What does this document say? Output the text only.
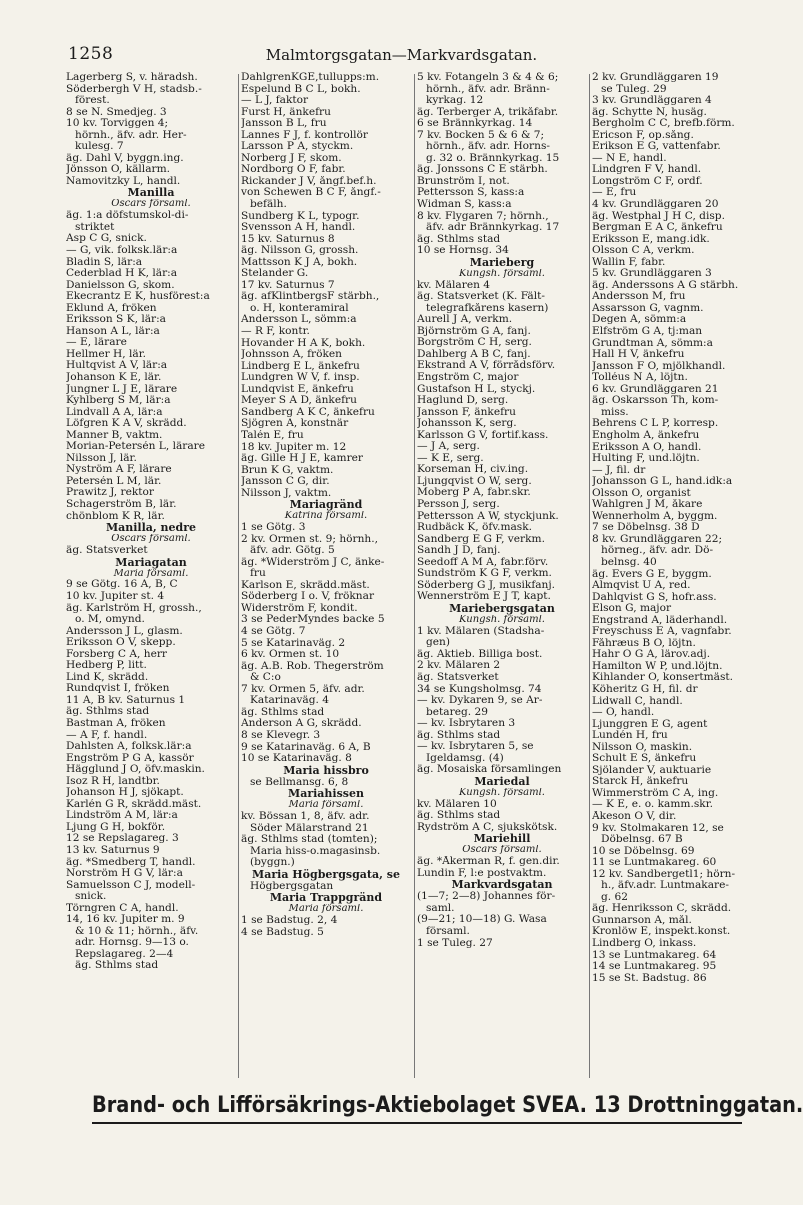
1258	Malmtorgsgatan—Markvardsgatan.
Lagerberg S, v. häradsh.
Söderbergh V H, stadsb.-
förest.
8 se N. Smedjeg. 3
10 kv. Torviggen 4;
hörnh., äfv. adr. Her-
kulesg. 7
äg. Dahl V, byggn.ing.
Jönsson O, källarm.
Namovitzky L, handl.
Manilla
Oscars församl.
äg. 1:a döfstumskol-di-
striktet
Asp C G, snick.
— G, vik. folksk.lär:a
Bladin S, lär:a
Cederblad H K, lär:a
Danielsson G, skom.
Ekecrantz E K, husförest:a
Eklund A, fröken
Eriksson S K, lär:a
Hanson A L, lär:a
— E, lärare
Hellmer H, lär.
Hultqvist A V, lär:a
Johanson K E, lär.
Jungner L J E, lärare
Kyhlberg S M, lär:a
Lindvall A A, lär:a
Löfgren K A V, skrädd.
Manner B, vaktm.
Morian-Petersén L, lärare
Nilsson J, lär.
Nyström A F, lärare
Petersén L M, lär.
Prawitz J, rektor
Schagerström B, lär.
chönblom K R, lär.
Manilla, nedre
Oscars församl.
äg. Statsverket
Mariagatan
Maria församl.
9 se Götg. 16 A, B, C
10 kv. Jupiter st. 4
äg. Karlström H, grossh.,
o. M, omynd.
Andersson J L, glasm.
Eriksson O V, skepp.
Forsberg C A, herr
Hedberg P, litt.
Lind K, skrädd.
Rundqvist I, fröken
11 A, B kv. Saturnus 1
äg. Sthlms stad
Bastman A, fröken
— A F, f. handl.
Dahlsten A, folksk.lär:a
Engström P G A, kassör
Hägglund J O, öfv.maskin.
Isoz R H, landtbr.
Johanson H J, sjökapt.
Karlén G R, skrädd.mäst.
Lindström A M, lär:a
Ljung G H, bokför.
12 se Repslagareg. 3
13 kv. Saturnus 9
äg. *Smedberg T, handl.
Norström H G V, lär:a
Samuelsson C J, modell-
snick.
Törngren C A, handl.
14, 16 kv. Jupiter m. 9
& 10 & 11; hörnh., äfv.
adr. Hornsg. 9—13 o.
Repslagareg. 2—4
äg. Sthlms stad
DahlgrenKGE,tullupps:m.
Espelund B C L, bokh.
— L J, faktor
Furst H, änkefru
Jansson B L, fru
Lannes F J, f. kontrollör
Larsson P A, styckm.
Norberg J F, skom.
Nordborg O F, fabr.
Rickander J V, ångf.bef.h.
von Schewen B C F, ångf.-
befälh.
Sundberg K L, typogr.
Svensson A H, handl.
15 kv. Saturnus 8
äg. Nilsson G, grossh.
Mattsson K J A, bokh.
Stelander G.
17 kv. Saturnus 7
äg. afKlintbergsF stärbh.,
o. H, konteramiral
Andersson L, sömm:a
— R F, kontr.
Hovander H A K, bokh.
Johnsson A, fröken
Lindberg E L, änkefru
Lundgren W V, f. insp.
Lundqvist E, änkefru
Meyer S A D, änkefru
Sandberg A K C, änkefru
Sjögren A, konstnär
Talén E, fru
18 kv. Jupiter m. 12
äg. Gille H J E, kamrer
Brun K G, vaktm.
Jansson C G, dir.
Nilsson J, vaktm.
Mariagränd
Katrina församl.
1 se Götg. 3
2 kv. Ormen st. 9; hörnh.,
äfv. adr. Götg. 5
äg. *Widerström J C, änke-
fru
Karlson E, skrädd.mäst.
Söderberg I o. V, fröknar
Widerström F, kondit.
3 se PederMyndes backe 5
4 se Götg. 7
5 se Katarinaväg. 2
6 kv. Ormen st. 10
äg. A.B. Rob. Thegerström
& C:o
7 kv. Ormen 5, äfv. adr.
Katarinaväg. 4
äg. Sthlms stad
Anderson A G, skrädd.
8 se Klevegr. 3
9 se Katarinaväg. 6 A, B
10 se Katarinaväg. 8
Maria hissbro
se Bellmansg. 6, 8
Mariahissen
Maria församl.
kv. Bössan 1, 8, äfv. adr.
Söder Mälarstrand 21
äg. Sthlms stad (tomten);
Maria hiss-o.magasinsb.
(byggn.)
Maria Högbergsgata, se
Högbergsgatan
Maria Trappgränd
Maria församl.
1 se Badstug. 2, 4
4 se Badstug. 5
5 kv. Fotangeln 3 & 4 & 6;
hörnh., äfv. adr. Bränn-
kyrkag. 12
äg. Terberger A, trikåfabr.
6 se Brännkyrkag. 14
7 kv. Bocken 5 & 6 & 7;
hörnh., äfv. adr. Horns-
g. 32 o. Brännkyrkag. 15
äg. Jonssons C E stärbh.
Brunström I, not.
Pettersson S, kass:a
Widman S, kass:a
8 kv. Flygaren 7; hörnh.,
äfv. adr Brännkyrkag. 17
äg. Sthlms stad
10 se Hornsg. 34
Marieberg
Kungsh. församl.
kv. Mälaren 4
äg. Statsverket (K. Fält-
telegrafkårens kasern)
Aurell J A, verkm.
Björnström G A, fanj.
Borgström C H, serg.
Dahlberg A B C, fanj.
Ekstrand A V, förrådsförv.
Engström C, major
Gustafson H L, styckj.
Haglund D, serg.
Jansson F, änkefru
Johansson K, serg.
Karlsson G V, fortif.kass.
— J A, serg.
— K E, serg.
Korseman H, civ.ing.
Ljungqvist O W, serg.
Moberg P A, fabr.skr.
Persson J, serg.
Pettersson A W, styckjunk.
Rudbäck K, öfv.mask.
Sandberg E G F, verkm.
Sandh J D, fanj.
Seedoff A M A, fabr.förv.
Sundström K G F, verkm.
Söderberg G J, musikfanj.
Wennerström E J T, kapt.
Mariebergsgatan
Kungsh. församl.
1 kv. Mälaren (Stadsha-
gen)
äg. Aktieb. Billiga bost.
2 kv. Mälaren 2
äg. Statsverket
34 se Kungsholmsg. 74
— kv. Dykaren 9, se Ar-
betareg. 29
— kv. Isbrytaren 3
äg. Sthlms stad
— kv. Isbrytaren 5, se
Igeldamsg. (4)
äg. Mosaiska församlingen
Mariedal
Kungsh. församl.
kv. Mälaren 10
äg. Sthlms stad
Rydström A C, sjukskötsk.
Mariehill
Oscars församl.
äg. *Åkerman R, f. gen.dir.
Lundin F, l:e postvaktm.
Markvardsgatan
(1—7; 2—8) Johannes för-
saml.
(9—21; 10—18) G. Wasa
församl.
1 se Tuleg. 27
2 kv. Grundläggaren 19
se Tuleg. 29
3 kv. Grundläggaren 4
äg. Schytte N, husäg.
Bergholm C C, brefb.förm.
Ericson F, op.sång.
Erikson E G, vattenfabr.
— N E, handl.
Lindgren F V, handl.
Longström C F, ordf.
— E, fru
4 kv. Grundläggaren 20
äg. Westphal J H C, disp.
Bergman E A C, änkefru
Eriksson E, mang.idk.
Olsson C A, verkm.
Wallin F, fabr.
5 kv. Grundläggaren 3
äg. Anderssons A G stärbh.
Andersson M, fru
Assarsson G, vagnm.
Degen A, sömm:a
Elfström G A, tj:man
Grundtman A, sömm:a
Hall H V, änkefru
Jansson F O, mjölkhandl.
Tolléus N A, löjtn.
6 kv. Grundläggaren 21
äg. Oskarsson Th, kom-
miss.
Behrens C L P, korresp.
Engholm A, änkefru
Eriksson A O, handl.
Hulting F, und.löjtn.
— J, fil. dr
Johansson G L, hand.idk:a
Olsson O, organist
Wahlgren J M, åkare
Wennerholm A, byggm.
7 se Döbelnsg. 38 D
8 kv. Grundläggaren 22;
hörneg., äfv. adr. Dö-
belnsg. 40
äg. Evers G E, byggm.
Almqvist U A, red.
Dahlqvist G S, hofr.ass.
Elson G, major
Engstrand A, läderhandl.
Freyschuss E A, vagnfabr.
Fåhræus B O, löjtn.
Hahr O G A, lärov.adj.
Hamilton W P, und.löjtn.
Kihlander O, konsertmäst.
Köheritz G H, fil. dr
Lidwall C, handl.
— O, handl.
Ljunggren E G, agent
Lundén H, fru
Nilsson O, maskin.
Schult E S, änkefru
Sjölander V, auktuarie
Starck H, änkefru
Wimmerström C A, ing.
— K E, e. o. kamm.skr.
Åkeson O V, dir.
9 kv. Stolmakaren 12, se
Döbelnsg. 67 B
10 se Döbelnsg. 69
11 se Luntmakareg. 60
12 kv. Sandbergetl1; hörn-
h., äfv.adr. Luntmakare-
g. 62
äg. Henriksson C, skrädd.
Gunnarson A, mål.
Kronlöw E, inspekt.konst.
Lindberg O, inkass.
13 se Luntmakareg. 64
14 se Luntmakareg. 95
15 se St. Badstug. 86
Brand- och Lifförsäkrings-Aktiebolaget SVEA. 13 Drottninggatan.
